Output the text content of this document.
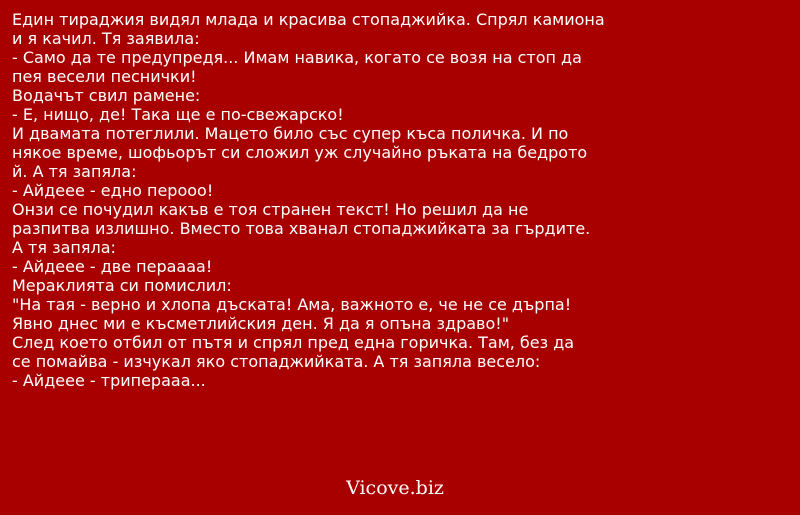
Един тираджия видял млада и красива стопаджийка. Спрял камиона
и я качил. Тя заявила:
- Само да те предупредя... Имам навика, когато се возя на стоп да
пея весели песнички!
Водачът свил рамене:
- Е, нищо, де! Така ще е по-свежарско!
И двамата потеглили. Мацето било със супер къса поличка. И по
някое време, шофьорът си сложил уж случайно ръката на бедрото
й. А тя запяла:
- Айдеее - едно перооо!
Онзи се почудил какъв е тоя странен текст! Но решил да не
разпитва излишно. Вместо това хванал стопаджийката за гърдите.
А тя запяла:
- Айдеее - две пераааа!
Мераклията си помислил:
"На тая - верно и хлопа дъската! Ама, важното е, че не се дърпа!
Явно днес ми е късметлийския ден. Я да я опъна здраво!"
След което отбил от пътя и спрял пред една горичка. Там, без да
се помайва - изчукал яко стопаджийката. А тя запяла весело:
- Айдеее - трипераaa...
Vicove.biz
